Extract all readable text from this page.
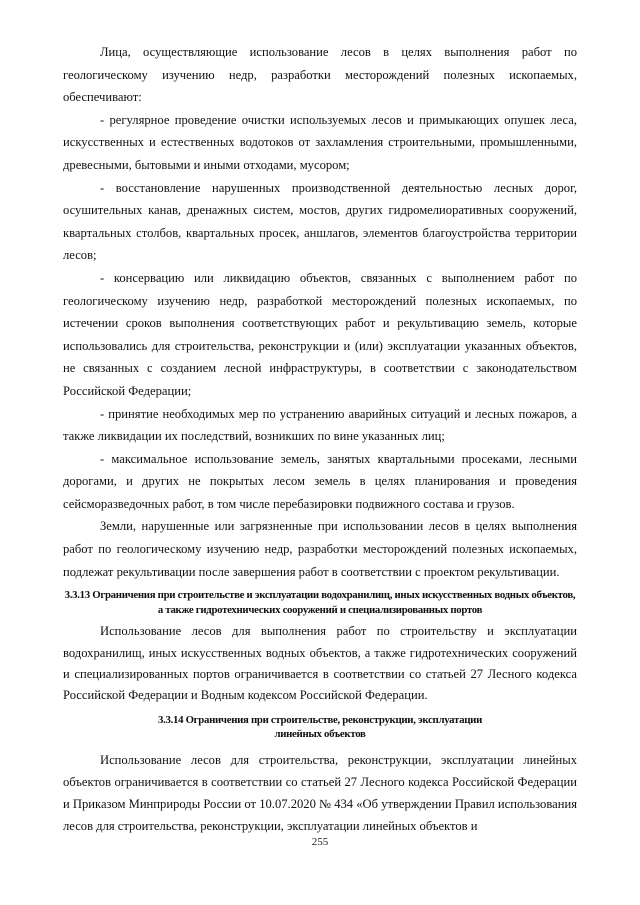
Лица, осуществляющие использование лесов в целях выполнения работ по геологическому изучению недр, разработки месторождений полезных ископаемых, обеспечивают:

- регулярное проведение очистки используемых лесов и примыкающих опушек леса, искусственных и естественных водотоков от захламления строительными, промышленными, древесными, бытовыми и иными отходами, мусором;

- восстановление нарушенных производственной деятельностью лесных дорог, осушительных канав, дренажных систем, мостов, других гидромелиоративных сооружений, квартальных столбов, квартальных просек, аншлагов, элементов благоустройства территории лесов;

- консервацию или ликвидацию объектов, связанных с выполнением работ по геологическому изучению недр, разработкой месторождений полезных ископаемых, по истечении сроков выполнения соответствующих работ и рекультивацию земель, которые использовались для строительства, реконструкции и (или) эксплуатации указанных объектов, не связанных с созданием лесной инфраструктуры, в соответствии с законодательством Российской Федерации;

- принятие необходимых мер по устранению аварийных ситуаций и лесных пожаров, а также ликвидации их последствий, возникших по вине указанных лиц;

- максимальное использование земель, занятых квартальными просеками, лесными дорогами, и других не покрытых лесом земель в целях планирования и проведения сейсморазведочных работ, в том числе перебазировки подвижного состава и грузов.

Земли, нарушенные или загрязненные при использовании лесов в целях выполнения работ по геологическому изучению недр, разработки месторождений полезных ископаемых, подлежат рекультивации после завершения работ в соответствии с проектом рекультивации.

3.3.13 Ограничения при строительстве и эксплуатации водохранилищ, иных искусственных водных объектов, а также гидротехнических сооружений и специализированных портов

Использование лесов для выполнения работ по строительству и эксплуатации водохранилищ, иных искусственных водных объектов, а также гидротехнических сооружений и специализированных портов ограничивается в соответствии со статьей 27 Лесного кодекса Российской Федерации и Водным кодексом Российской Федерации.

3.3.14 Ограничения при строительстве, реконструкции, эксплуатации
линейных объектов

Использование лесов для строительства, реконструкции, эксплуатации линейных объектов ограничивается в соответствии со статьей 27 Лесного кодекса Российской Федерации и Приказом Минприроды России от 10.07.2020 № 434 «Об утверждении Правил использования лесов для строительства, реконструкции, эксплуатации линейных объектов и

255
